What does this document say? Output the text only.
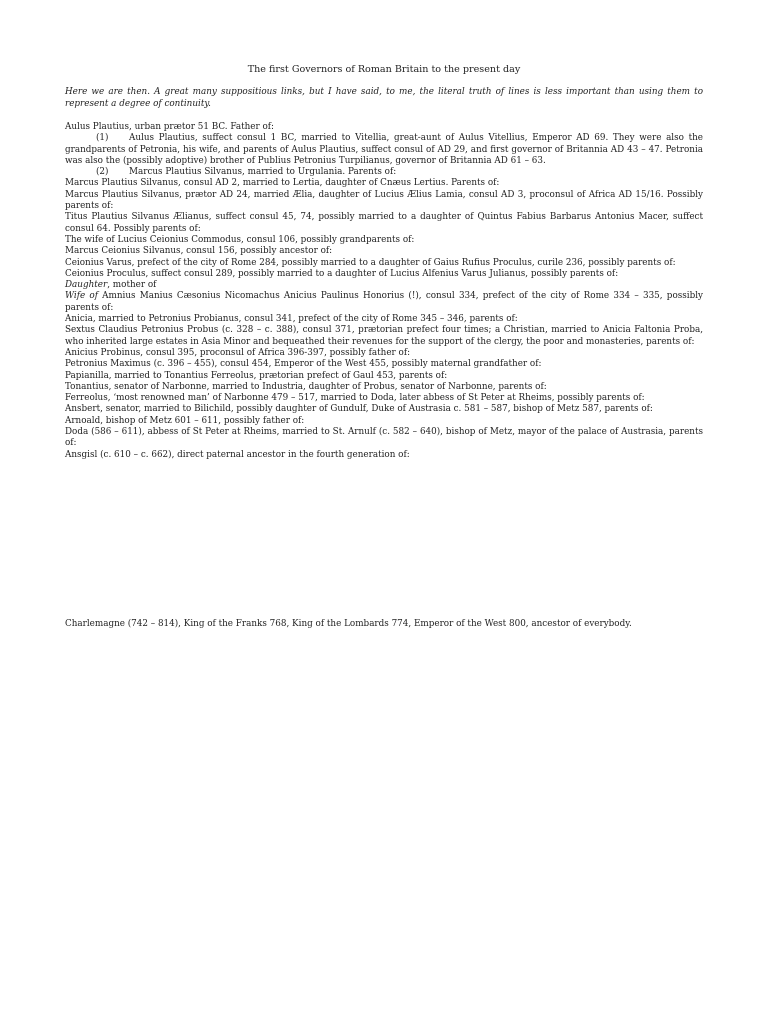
The first Governors of Roman Britain to the present day

Here we are then. A great many suppositious links, but I have said, to me, the literal truth of lines is less important than using them to represent a degree of continuity.

Aulus Plautius, urban prætor 51 BC. Father of:

(1) Aulus Plautius, suffect consul 1 BC, married to Vitellia, great-aunt of Aulus Vitellius, Emperor AD 69. They were also the grandparents of Petronia, his wife, and parents of Aulus Plautius, suffect consul of AD 29, and first governor of Britannia AD 43 – 47. Petronia was also the (possibly adoptive) brother of Publius Petronius Turpilianus, governor of Britannia AD 61 – 63.

(2) Marcus Plautius Silvanus, married to Urgulania. Parents of:

Marcus Plautius Silvanus, consul AD 2, married to Lertia, daughter of Cnæus Lertius. Parents of:

Marcus Plautius Silvanus, prætor AD 24, married Ælia, daughter of Lucius Ælius Lamia, consul AD 3, proconsul of Africa AD 15/16. Possibly parents of:

Titus Plautius Silvanus Ælianus, suffect consul 45, 74, possibly married to a daughter of Quintus Fabius Barbarus Antonius Macer, suffect consul 64. Possibly parents of:

The wife of Lucius Ceionius Commodus, consul 106, possibly grandparents of:

Marcus Ceionius Silvanus, consul 156, possibly ancestor of:

Ceionius Varus, prefect of the city of Rome 284, possibly married to a daughter of Gaius Rufius Proculus, curile 236, possibly parents of:

Ceionius Proculus, suffect consul 289, possibly married to a daughter of Lucius Alfenius Varus Julianus, possibly parents of:

Daughter, mother of

Wife of Amnius Manius Cæsonius Nicomachus Anicius Paulinus Honorius (!), consul 334, prefect of the city of Rome 334 – 335, possibly parents of:

Anicia, married to Petronius Probianus, consul 341, prefect of the city of Rome 345 – 346, parents of:

Sextus Claudius Petronius Probus (c. 328 – c. 388), consul 371, prætorian prefect four times; a Christian, married to Anicia Faltonia Proba, who inherited large estates in Asia Minor and bequeathed their revenues for the support of the clergy, the poor and monasteries, parents of:

Anicius Probinus, consul 395, proconsul of Africa 396-397, possibly father of:

Petronius Maximus (c. 396 – 455), consul 454, Emperor of the West 455, possibly maternal grandfather of:

Papianilla, married to Tonantius Ferreolus, prætorian prefect of Gaul 453, parents of:

Tonantius, senator of Narbonne, married to Industria, daughter of Probus, senator of Narbonne, parents of:

Ferreolus, ‘most renowned man’ of Narbonne 479 – 517, married to Doda, later abbess of St Peter at Rheims, possibly parents of:

Ansbert, senator, married to Bilichild, possibly daughter of Gundulf, Duke of Austrasia c. 581 – 587, bishop of Metz 587, parents of:

Arnoald, bishop of Metz 601 – 611, possibly father of:

Doda (586 – 611), abbess of St Peter at Rheims, married to St. Arnulf (c. 582 – 640), bishop of Metz, mayor of the palace of Austrasia, parents of:

Ansgisl (c. 610 – c. 662), direct paternal ancestor in the fourth generation of:

Charlemagne (742 – 814), King of the Franks 768, King of the Lombards 774, Emperor of the West 800, ancestor of everybody.
